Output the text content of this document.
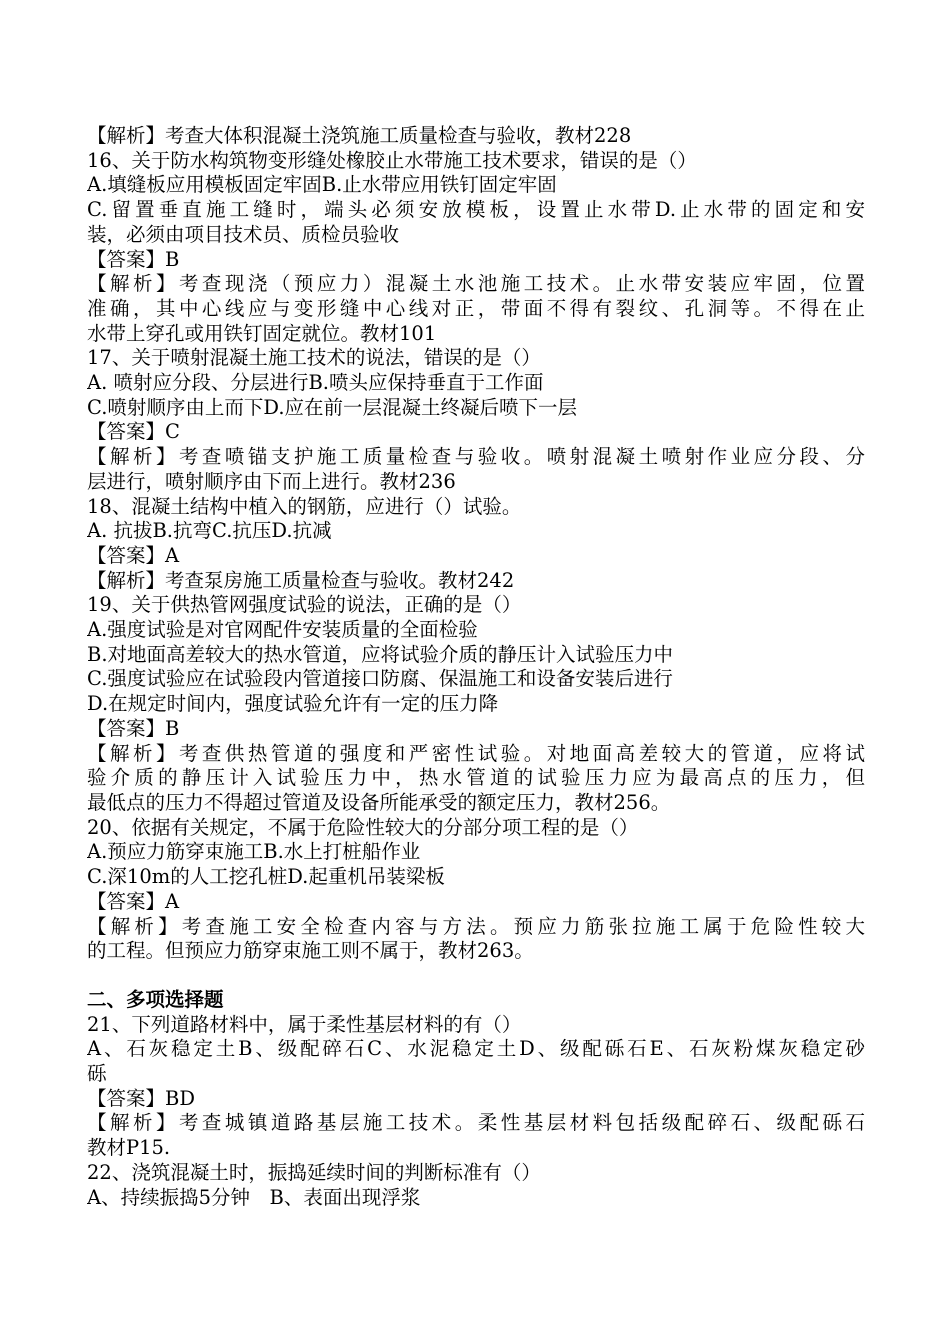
【解析】考查大体积混凝土浇筑施工质量检查与验收，教材228
16、关于防水构筑物变形缝处橡胶止水带施工技术要求，错误的是（）
A.填缝板应用模板固定牢固B.止水带应用铁钉固定牢固
C.留置垂直施工缝时，端头必须安放模板，设置止水带D.止水带的固定和安
装，必须由项目技术员、质检员验收
【答案】B
【解析】考查现浇（预应力）混凝土水池施工技术。止水带安装应牢固，位置
准确，其中心线应与变形缝中心线对正，带面不得有裂纹、孔洞等。不得在止
水带上穿孔或用铁钉固定就位。教材101
17、关于喷射混凝土施工技术的说法，错误的是（）
A. 喷射应分段、分层进行B.喷头应保持垂直于工作面
C.喷射顺序由上而下D.应在前一层混凝土终凝后喷下一层
【答案】C
【解析】考查喷锚支护施工质量检查与验收。喷射混凝土喷射作业应分段、分
层进行，喷射顺序由下而上进行。教材236
18、混凝土结构中植入的钢筋，应进行（）试验。
A. 抗拔B.抗弯C.抗压D.抗减
【答案】A
【解析】考查泵房施工质量检查与验收。教材242
19、关于供热管网强度试验的说法，正确的是（）
A.强度试验是对官网配件安装质量的全面检验
B.对地面高差较大的热水管道，应将试验介质的静压计入试验压力中
C.强度试验应在试验段内管道接口防腐、保温施工和设备安装后进行
D.在规定时间内，强度试验允许有一定的压力降
【答案】B
【解析】考查供热管道的强度和严密性试验。对地面高差较大的管道，应将试
验介质的静压计入试验压力中，热水管道的试验压力应为最高点的压力，但
最低点的压力不得超过管道及设备所能承受的额定压力，教材256。
20、依据有关规定，不属于危险性较大的分部分项工程的是（）
A.预应力筋穿束施工B.水上打桩船作业
C.深10m的人工挖孔桩D.起重机吊装梁板
【答案】A
【解析】考查施工安全检查内容与方法。预应力筋张拉施工属于危险性较大
的工程。但预应力筋穿束施工则不属于，教材263。
二、多项选择题
21、下列道路材料中，属于柔性基层材料的有（）
A、石灰稳定土B、级配碎石C、水泥稳定土D、级配砾石E、石灰粉煤灰稳定砂
砾
【答案】BD
【解析】考查城镇道路基层施工技术。柔性基层材料包括级配碎石、级配砾石
教材P15.
22、浇筑混凝土时，振捣延续时间的判断标准有（）
A、持续振捣5分钟　B、表面出现浮浆
